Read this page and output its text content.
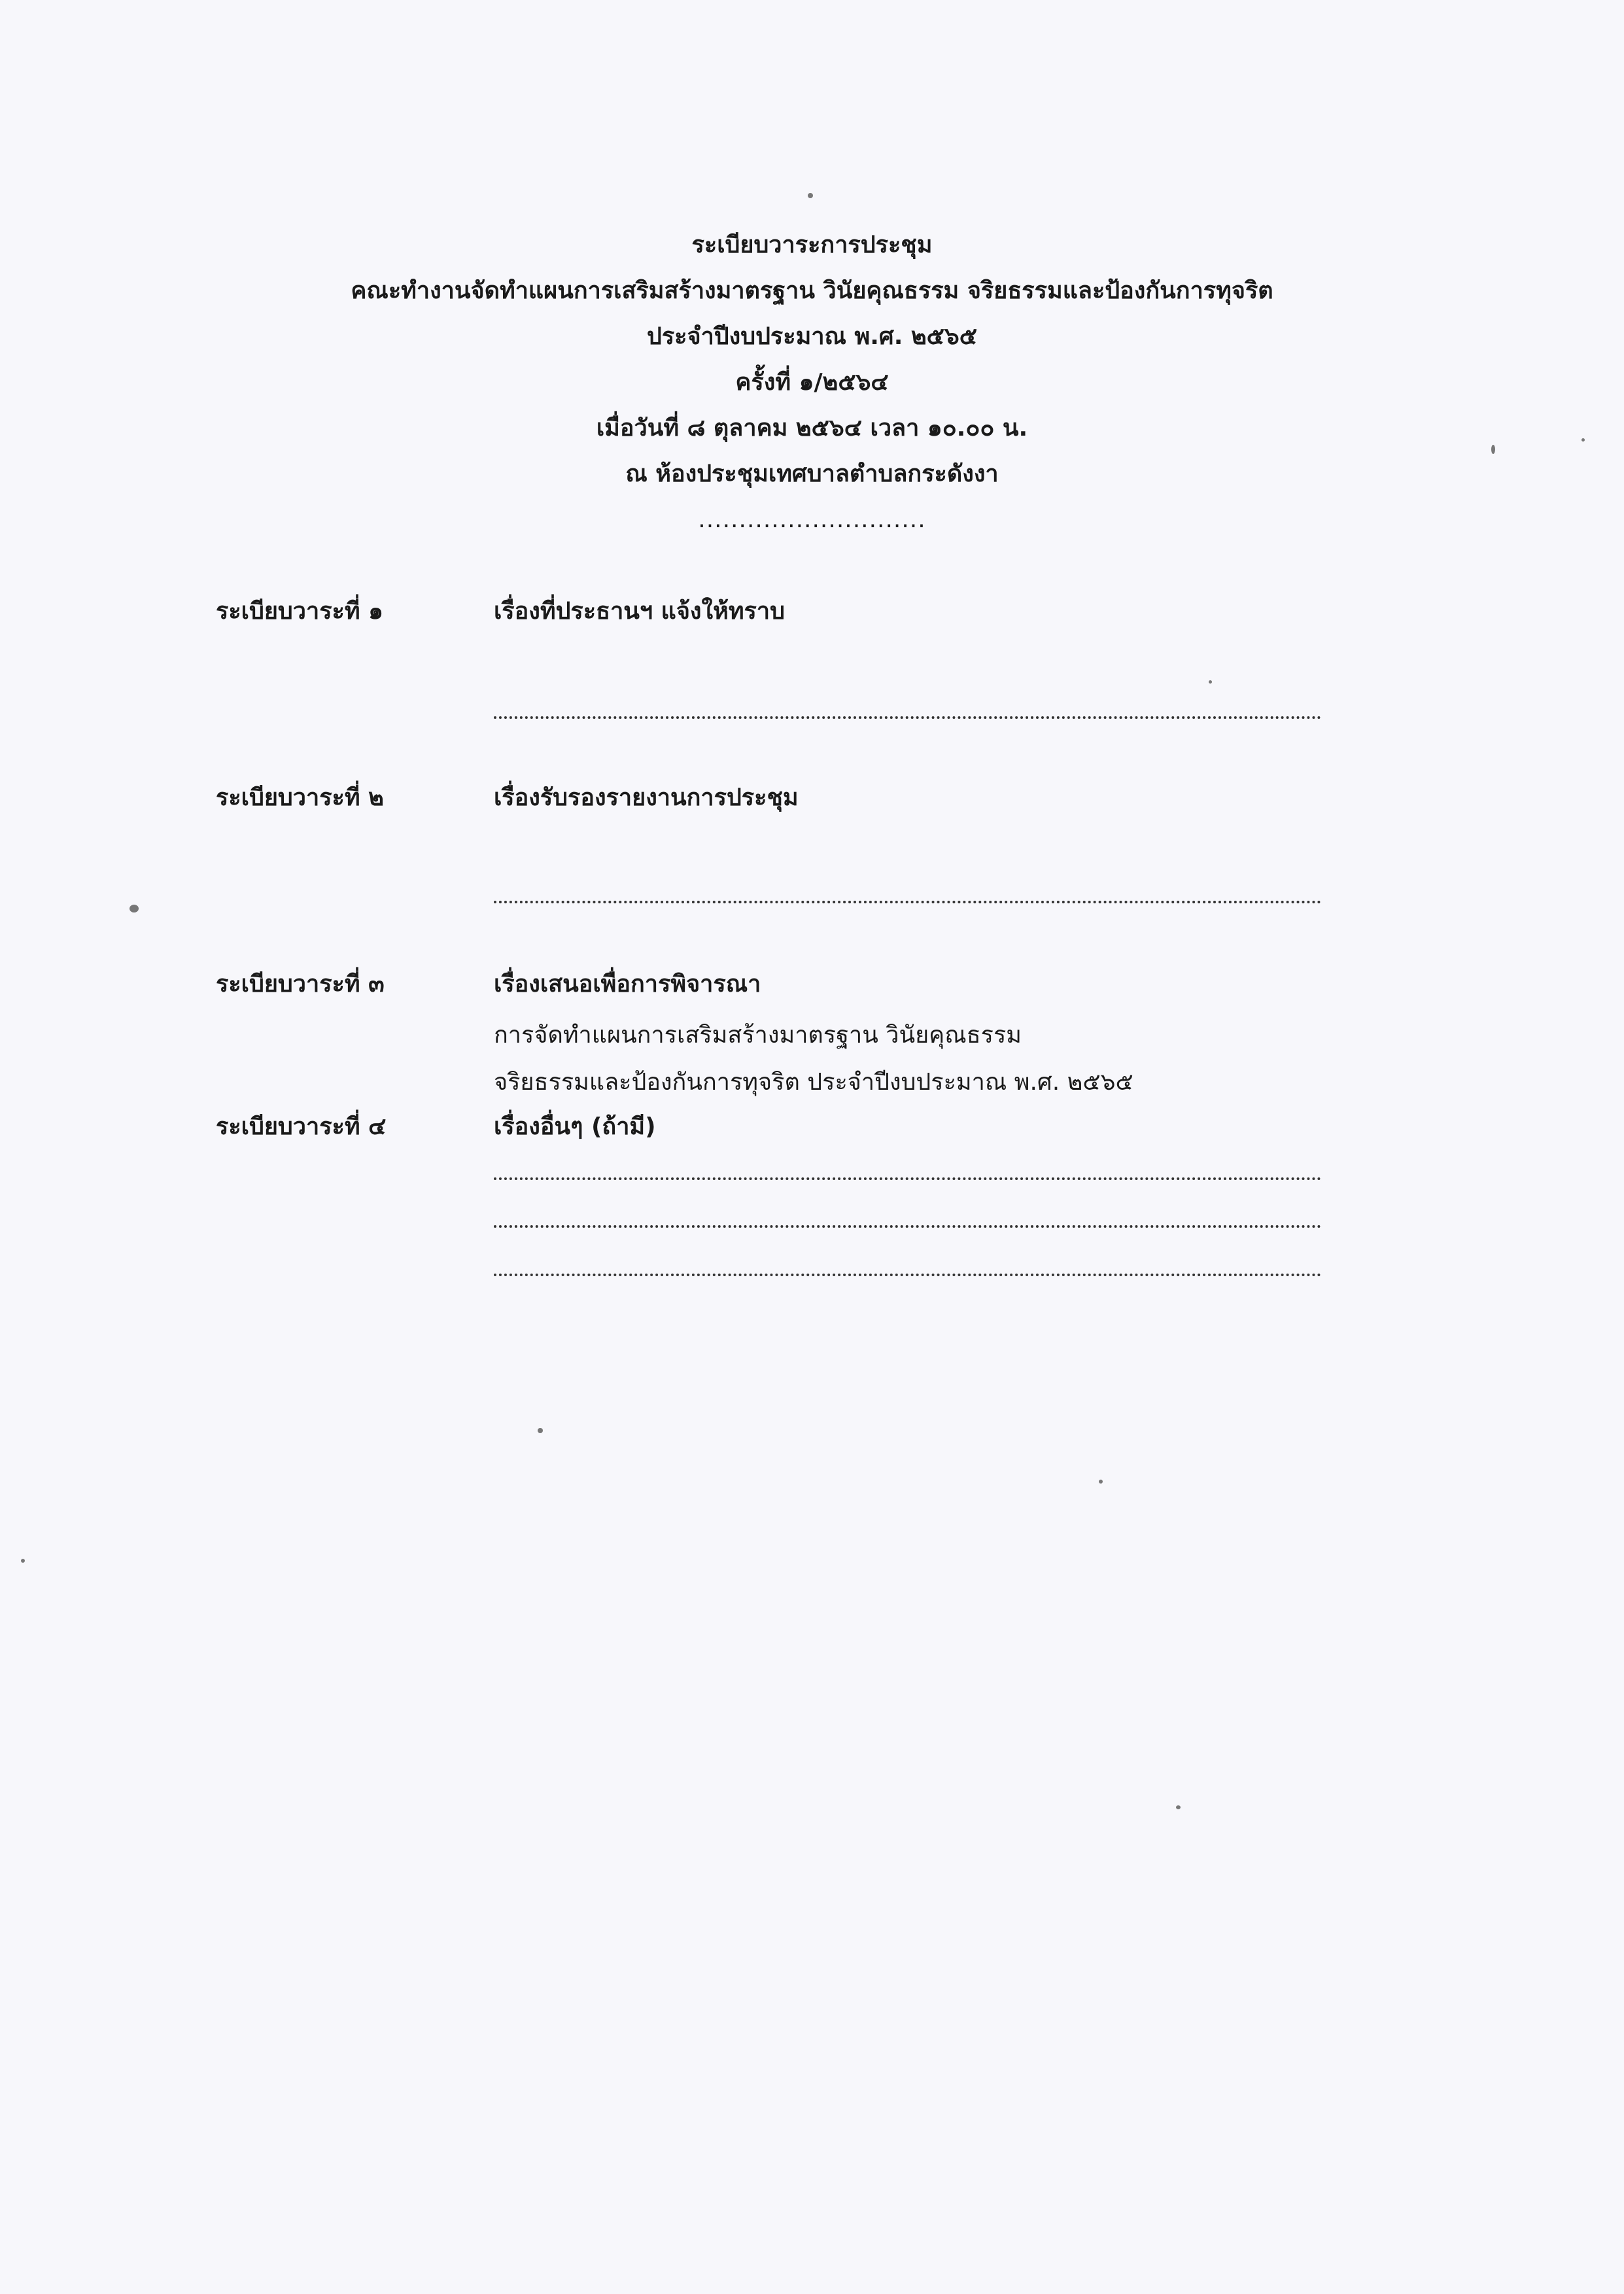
ระเบียบวาระการประชุม
คณะทำงานจัดทำแผนการเสริมสร้างมาตรฐาน วินัยคุณธรรม จริยธรรมและป้องกันการทุจริต
ประจำปีงบประมาณ พ.ศ. ๒๕๖๕
ครั้งที่ ๑/๒๕๖๔
เมื่อวันที่ ๘ ตุลาคม ๒๕๖๔ เวลา ๑๐.๐๐ น.
ณ ห้องประชุมเทศบาลตำบลกระดังงา
............................
ระเบียบวาระที่ ๑	เรื่องที่ประธานฯ แจ้งให้ทราบ
ระเบียบวาระที่ ๒	เรื่องรับรองรายงานการประชุม
ระเบียบวาระที่ ๓	เรื่องเสนอเพื่อการพิจารณา
การจัดทำแผนการเสริมสร้างมาตรฐาน วินัยคุณธรรม
จริยธรรมและป้องกันการทุจริต ประจำปีงบประมาณ พ.ศ. ๒๕๖๕
ระเบียบวาระที่ ๔	เรื่องอื่นๆ (ถ้ามี)
